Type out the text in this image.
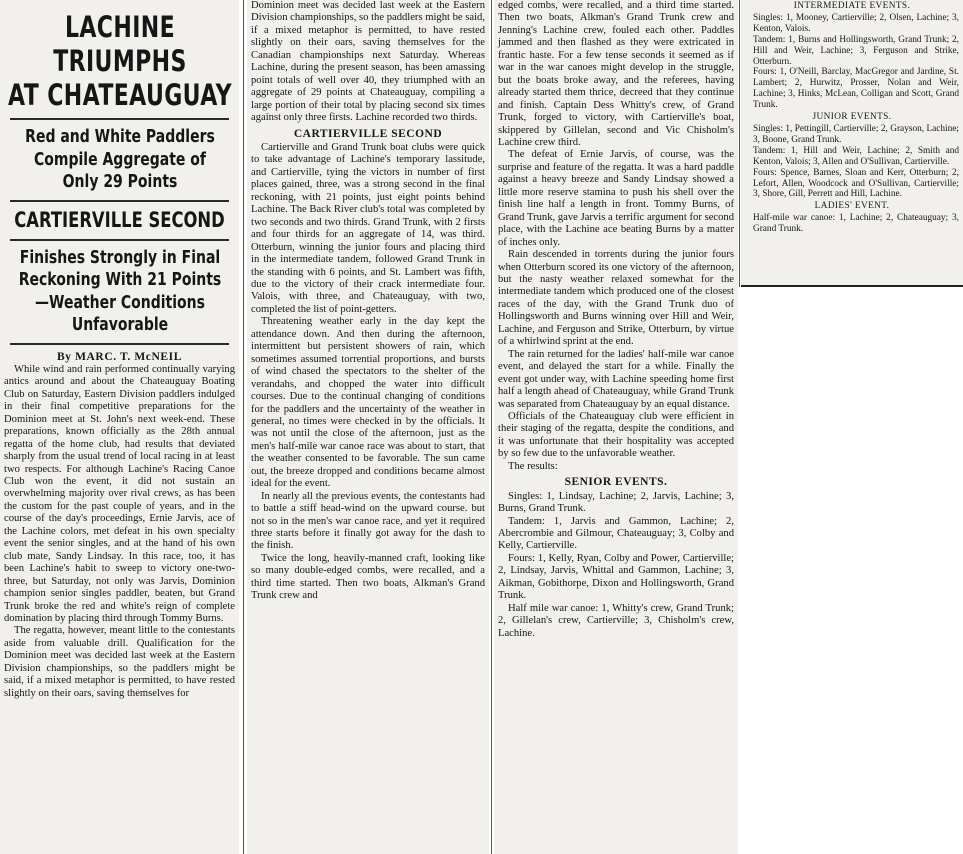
LACHINE TRIUMPHS
AT CHATEAUGUAY
Red and White Paddlers
Compile Aggregate of
Only 29 Points
CARTIERVILLE SECOND
Finishes Strongly in Final
Reckoning With 21 Points
—Weather Conditions
Unfavorable
By MARC. T. McNEIL

While wind and rain performed continually varying antics around and about the Chateauguay Boating Club on Saturday, Eastern Division paddlers indulged in their final competitive preparations for the Dominion meet at St. John's next week-end. These preparations, known officially as the 28th annual regatta of the home club, had results that deviated sharply from the usual trend of local racing in at least two respects. For although Lachine's Racing Canoe Club won the event, it did not sustain an overwhelming majority over rival crews, as has been the custom for the past couple of years, and in the course of the day's proceedings, Ernie Jarvis, ace of the Lachine colors, met defeat in his own specialty event the senior singles, and at the hand of his own club mate, Sandy Lindsay. In this race, too, it has been Lachine's habit to sweep to victory one-two-three, but Saturday, not only was Jarvis, Dominion champion senior singles paddler, beaten, but Grand Trunk broke the red and white's reign of complete domination by placing third through Tommy Burns.

The regatta, however, meant little to the contestants aside from valuable drill. Qualification for the Dominion meet was decided last week at the Eastern Division championships, so the paddlers might be said, if a mixed metaphor is permitted, to have rested slightly on their oars, saving themselves for

Dominion meet was decided last week at the Eastern Division championships, so the paddlers might be said, if a mixed metaphor is permitted, to have rested slightly on their oars, saving themselves for the Canadian championships next Saturday. Whereas Lachine, during the present season, has been amassing point totals of well over 40, they triumphed with an aggregate of 29 points at Chateauguay, compiling a large portion of their total by placing second six times against only three firsts. Lachine recorded two thirds.

CARTIERVILLE SECOND

Cartierville and Grand Trunk boat clubs were quick to take advantage of Lachine's temporary lassitude, and Cartierville, tying the victors in number of first places gained, three, was a strong second in the final reckoning, with 21 points, just eight points behind Lachine. The Back River club's total was completed by two seconds and two thirds. Grand Trunk, with 2 firsts and four thirds for an aggregate of 14, was third. Otterburn, winning the junior fours and placing third in the intermediate tandem, followed Grand Trunk in the standing with 6 points, and St. Lambert was fifth, due to the victory of their crack intermediate four. Valois, with three, and Chateauguay, with two, completed the list of point-getters.

Threatening weather early in the day kept the attendance down. And then during the afternoon, intermittent but persistent showers of rain, which sometimes assumed torrential proportions, and bursts of wind chased the spectators to the shelter of the verandahs, and chopped the water into difficult courses. Due to the continual changing of conditions for the paddlers and the uncertainty of the weather in general, no times were checked in by the officials. It was not until the close of the afternoon, just as the men's half-mile war canoe race was about to start, that the weather consented to be favorable. The sun came out, the breeze dropped and conditions became almost ideal for the event.

In nearly all the previous events, the contestants had to battle a stiff head-wind on the upward course. but not so in the men's war canoe race, and yet it required three starts before it finally got away for the dash to the finish.

Twice the long, heavily-manned craft, looking like so many double-edged combs, were recalled, and a third time started. Then two boats, Alkman's Grand Trunk crew and

edged combs, were recalled, and a third time started. Then two boats, Alkman's Grand Trunk crew and Jenning's Lachine crew, fouled each other. Paddles jammed and then flashed as they were extricated in frantic haste. For a few tense seconds it seemed as if war in the war canoes might develop in the struggle, but the boats broke away, and the referees, having already started them thrice, decreed that they continue and finish. Captain Dess Whitty's crew, of Grand Trunk, forged to victory, with Cartierville's boat, skippered by Gillelan, second and Vic Chisholm's Lachine crew third.

The defeat of Ernie Jarvis, of course, was the surprise and feature of the regatta. It was a hard paddle against a heavy breeze and Sandy Lindsay showed a little more reserve stamina to push his shell over the finish line half a length in front. Tommy Burns, of Grand Trunk, gave Jarvis a terrific argument for second place, with the Lachine ace beating Burns by a matter of inches only.

Rain descended in torrents during the junior fours when Otterburn scored its one victory of the afternoon, but the nasty weather relaxed somewhat for the intermediate tandem which produced one of the closest races of the day, with the Grand Trunk duo of Hollingsworth and Burns winning over Hill and Weir, Lachine, and Ferguson and Strike, Otterburn, by virtue of a whirlwind sprint at the end.

The rain returned for the ladies' half-mile war canoe event, and delayed the start for a while. Finally the event got under way, with Lachine speeding home first half a length ahead of Chateauguay, while Grand Trunk was separated from Chateauguay by an equal distance.

Officials of the Chateauguay club were efficient in their staging of the regatta, despite the conditions, and it was unfortunate that their hospitality was accepted by so few due to the unfavorable weather.

The results:

SENIOR EVENTS.

Singles: 1, Lindsay, Lachine; 2, Jarvis, Lachine; 3, Burns, Grand Trunk.

Tandem: 1, Jarvis and Gammon, Lachine; 2, Abercrombie and Gilmour, Chateauguay; 3, Colby and Kelly, Cartierville.

Fours: 1, Kelly, Ryan, Colby and Power, Cartierville; 2, Lindsay, Jarvis, Whittal and Gammon, Lachine; 3, Aikman, Gobithorpe, Dixon and Hollingsworth, Grand Trunk.

Half mile war canoe: 1, Whitty's crew, Grand Trunk; 2, Gillelan's crew, Cartierville; 3, Chisholm's crew, Lachine.

INTERMEDIATE EVENTS.

Singles: 1, Mooney, Cartierville; 2, Olsen, Lachine; 3, Kenton, Valois.

Tandem: 1, Burns and Hollingsworth, Grand Trunk; 2, Hill and Weir, Lachine; 3, Ferguson and Strike, Otterburn.

Fours: 1, O'Neill, Barclay, MacGregor and Jardine, St. Lambert; 2, Hurwitz, Prosser, Nolan and Weir, Lachine; 3, Hinks, McLean, Colligan and Scott, Grand Trunk.

JUNIOR EVENTS.

Singles: 1, Pettingill, Cartierville; 2, Grayson, Lachine; 3, Boone, Grand Trunk.

Tandem: 1, Hill and Weir, Lachine; 2, Smith and Kenton, Valois; 3, Allen and O'Sullivan, Cartierville.

Fours: Spence, Barnes, Sloan and Kerr, Otterburn; 2, Lefort, Allen, Woodcock and O'Sullivan, Cartierville; 3, Shore, Gill, Perrett and Hill, Lachine.

LADIES' EVENT.

Half-mile war canoe: 1, Lachine; 2, Chateauguay; 3, Grand Trunk.
